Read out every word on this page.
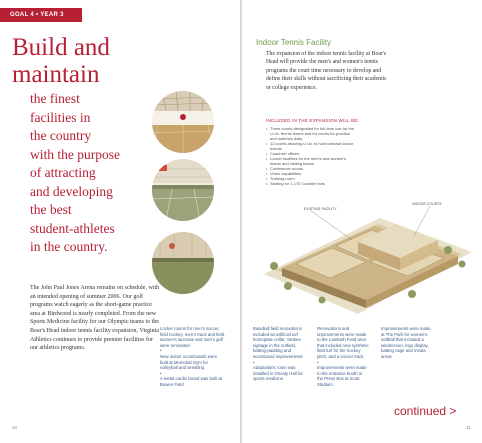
GOAL 4 • YEAR 3
Build and
maintain
the finest
facilities in
the country
with the purpose
of attracting
and developing
the best
student-athletes
in the country.
The John Paul Jones Arena remains on schedule, with an intended opening of summer 2006. Our golf programs watch eagerly as the short-game practice area at Birdwood is nearly completed. From the new Sports Medicine facility for our Olympic teams to the Boar's Head indoor tennis facility expansion, Virginia Athletics continues to provide premier facilities for our athletics programs.
Locker rooms for men's soccer, field hockey, men's track and field, women's lacrosse and men's golf were renovated
•
New indoor scoreboards were built at Memorial Gym for volleyball and wrestling
•
A metal cardio board was built at Bowen Field
10
Indoor Tennis Facility
The expansion of the indoor tennis facility at Boar's Head will provide the men's and women's tennis programs the court time necessary to develop and define their skills without sacrificing their academic or college experience.
INCLUDED IN THE EXPANSION WILL BE:
• Three courts designated for full-time use for the U.Va. tennis teams and for courts for practice and matches daily
• 12 courts allowing U.Va. to host national indoor events
• Coaches' offices
• Locker facilities for the men's and women's teams and visiting teams
• Conference rooms
• Video capabilities
• Training room
• Seating for 1,170 Cavalier fans
EXISTING FACILITY
INDOOR COURTS
Baseball field renovations included an artificial turf homeplate collar, Yankee signage in the outfield, batting-padding and scoreboard improvements
•
Adaptations room was installed in Onesty Hall for sports medicine
Renovations and improvements were made to the Lambeth Field area that included new synthetic field turf for the hockey pitch, and a soccer track
•
Improvements were made to the entrance booth in the Press Box at Scott Stadium
Improvements were made at The Park for women's softball that included a windscreen, logo display, batting cage and media areas
continued >
11
